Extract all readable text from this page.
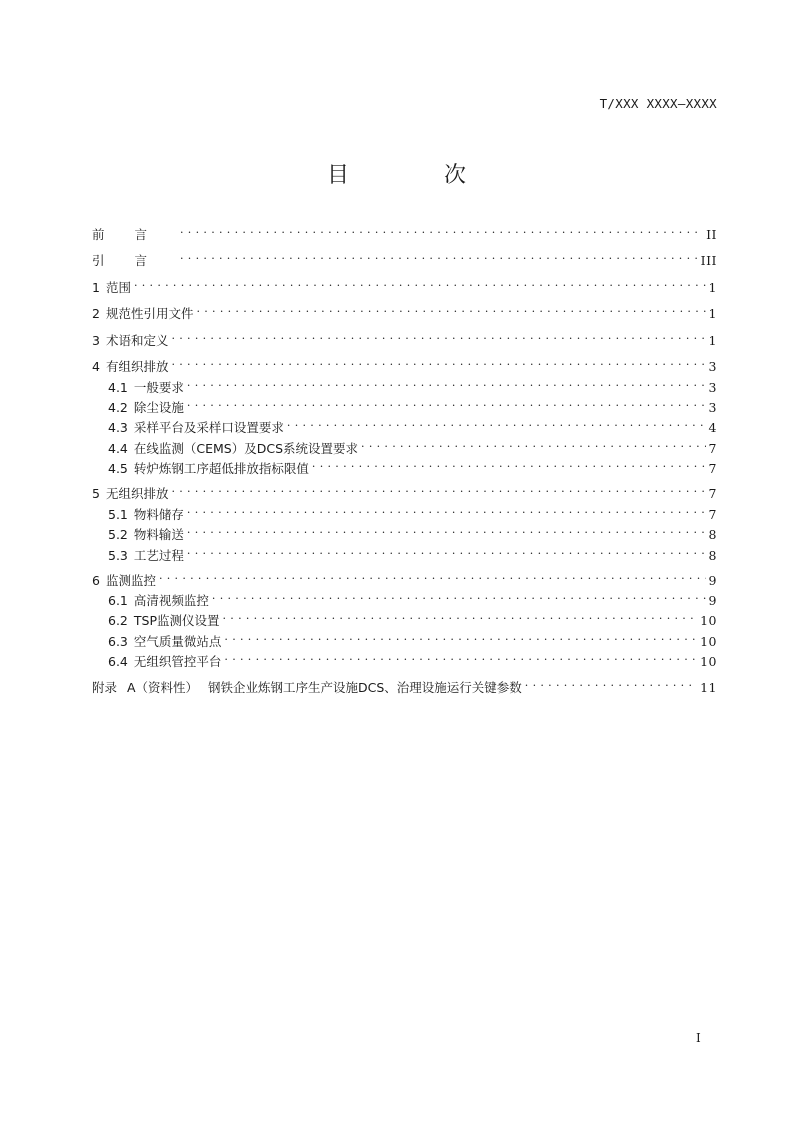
T/XXX XXXX—XXXX
目 次
前言 . . .	II
引言 . . .	III
1 范围 . . .	1
2 规范性引用文件 . . .	1
3 术语和定义 . . .	1
4 有组织排放 . . .	3
4.1 一般要求 . . .	3
4.2 除尘设施 . . .	3
4.3 采样平台及采样口设置要求 . . .	4
4.4 在线监测（CEMS）及DCS系统设置要求 . . .	7
4.5 转炉炼钢工序超低排放指标限值 . . .	7
5 无组织排放 . . .	7
5.1 物料储存 . . .	7
5.2 物料输送 . . .	8
5.3 工艺过程 . . .	8
6 监测监控 . . .	9
6.1 高清视频监控 . . .	9
6.2 TSP监测仪设置 . . .	10
6.3 空气质量微站点 . . .	10
6.4 无组织管控平台 . . .	10
附录 A（资料性） 钢铁企业炼钢工序生产设施DCS、治理设施运行关键参数 . . .	11
I
